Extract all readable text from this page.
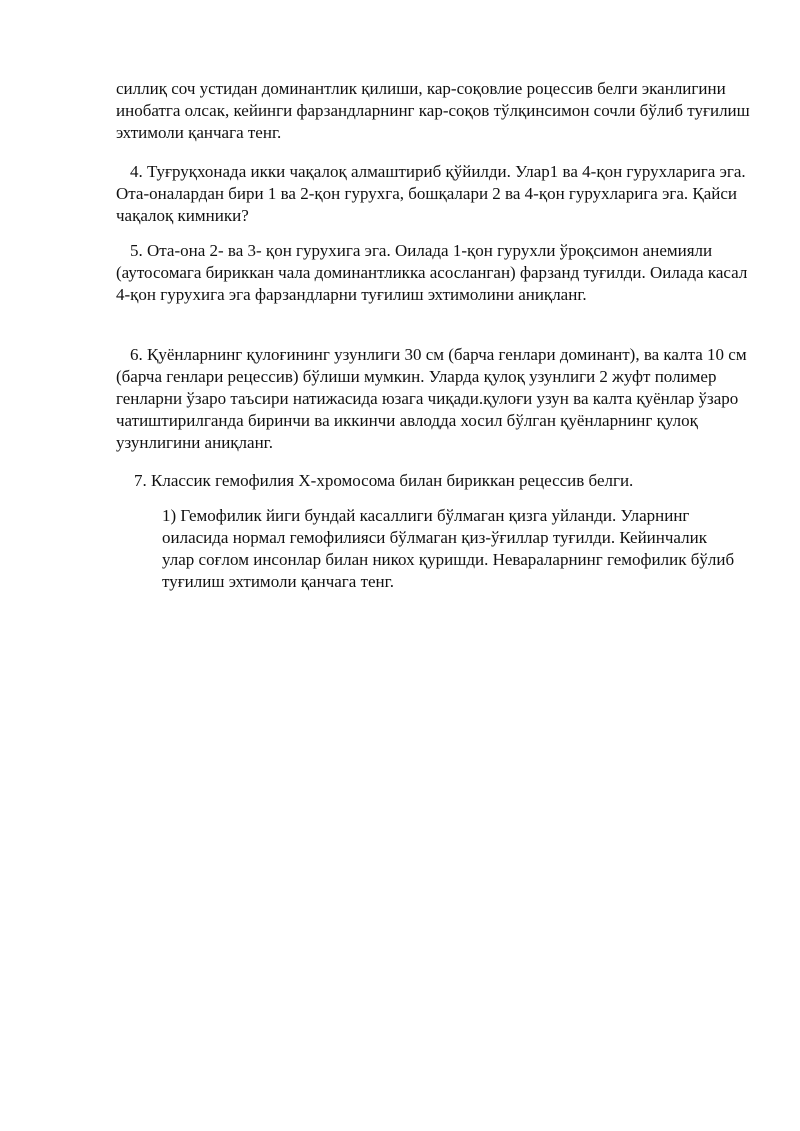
силлиқ соч устидан доминантлик қилиши, кар-соқовлие роцессив белги эканлигини инобатга олсак, кейинги фарзандларнинг кар-соқов тўлқинсимон сочли бўлиб туғилиш эхтимоли қанчага тенг.

4. Туғруқхонада икки чақалоқ алмаштириб қўйилди. Улар1 ва 4-қон гурухларига эга. Ота-оналардан бири 1 ва 2-қон гурухга, бошқалари 2 ва 4-қон гурухларига эга. Қайси чақалоқ кимники?

5. Ота-она 2- ва 3- қон гурухига эга. Оилада 1-қон гурухли ўроқсимон анемияли (аутосомага бириккан чала доминантликка асосланган) фарзанд туғилди. Оилада касал 4-қон гурухига эга фарзандларни туғилиш эхтимолини аниқланг.

6. Қуёнларнинг қулоғининг узунлиги 30 см (барча генлари доминант), ва калта 10 см (барча генлари рецессив) бўлиши мумкин. Уларда қулоқ узунлиги 2 жуфт полимер генларни ўзаро таъсири натижасида юзага чиқади.қулоғи узун ва калта қуёнлар ўзаро чатиштирилганда биринчи ва иккинчи авлодда хосил бўлган қуёнларнинг қулоқ узунлигини аниқланг.

7. Классик гемофилия Х-хромосома билан бириккан рецессив белги.

1) Гемофилик йиги бундай касаллиги бўлмаган қизга уйланди. Уларнинг оиласида нормал гемофилияси бўлмаган қиз-ўғиллар туғилди. Кейинчалик улар соғлом инсонлар билан никох қуришди. Невараларнинг гемофилик бўлиб туғилиш эхтимоли қанчага тенг.
